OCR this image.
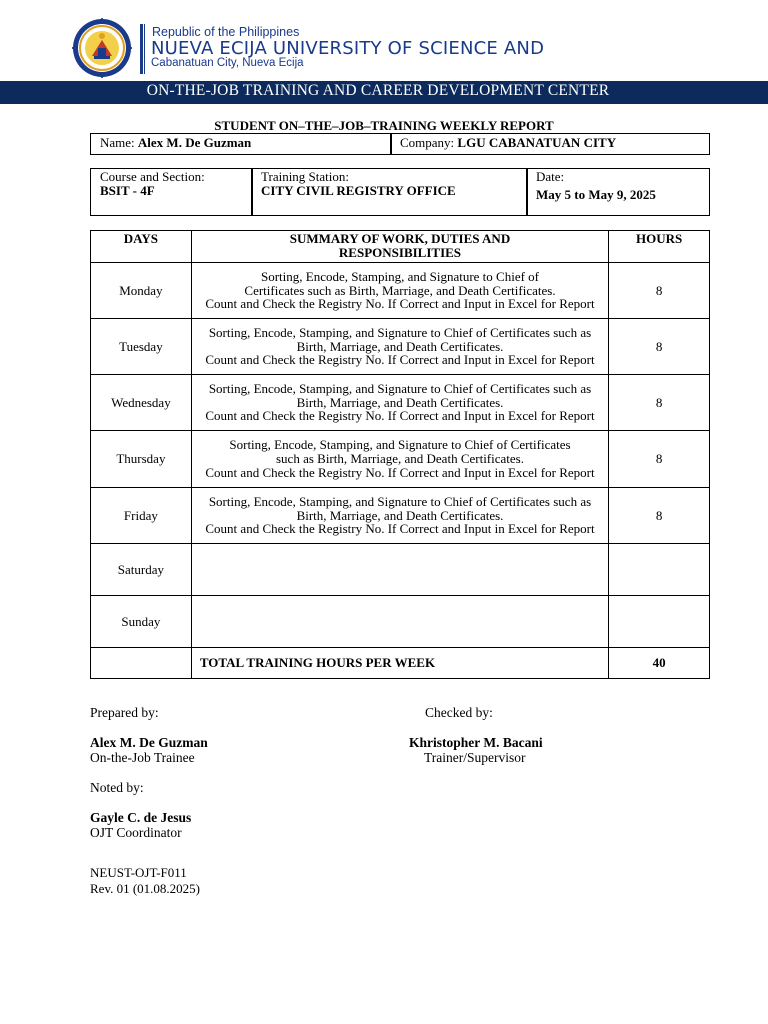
Republic of the Philippines
NUEVA ECIJA UNIVERSITY OF SCIENCE AND
Cabanatuan City, Nueva Ecija
ON-THE-JOB TRAINING AND CAREER DEVELOPMENT CENTER
STUDENT ON–THE–JOB–TRAINING WEEKLY REPORT
Name: Alex M. De Guzman	Company: LGU CABANATUAN CITY
Course and Section:
BSIT - 4F
Training Station:
CITY CIVIL REGISTRY OFFICE
Date:
May 5 to May 9, 2025
DAYS	SUMMARY OF WORK, DUTIES AND RESPONSIBILITIES	HOURS
Monday	Sorting, Encode, Stamping, and Signature to Chief of Certificates such as Birth, Marriage, and Death Certificates.
Count and Check the Registry No. If Correct and Input in Excel for Report	8
Tuesday	Sorting, Encode, Stamping, and Signature to Chief of Certificates such as Birth, Marriage, and Death Certificates.
Count and Check the Registry No. If Correct and Input in Excel for Report	8
Wednesday	Sorting, Encode, Stamping, and Signature to Chief of Certificates such as Birth, Marriage, and Death Certificates.
Count and Check the Registry No. If Correct and Input in Excel for Report	8
Thursday	Sorting, Encode, Stamping, and Signature to Chief of Certificates such as Birth, Marriage, and Death Certificates.
Count and Check the Registry No. If Correct and Input in Excel for Report	8
Friday	Sorting, Encode, Stamping, and Signature to Chief of Certificates such as Birth, Marriage, and Death Certificates.
Count and Check the Registry No. If Correct and Input in Excel for Report	8
Saturday		
Sunday		
	TOTAL TRAINING HOURS PER WEEK	40
Prepared by:
Alex M. De Guzman
On-the-Job Trainee
Checked by:
Khristopher M. Bacani
Trainer/Supervisor
Noted by:
Gayle C. de Jesus
OJT Coordinator
NEUST-OJT-F011
Rev. 01 (01.08.2025)
